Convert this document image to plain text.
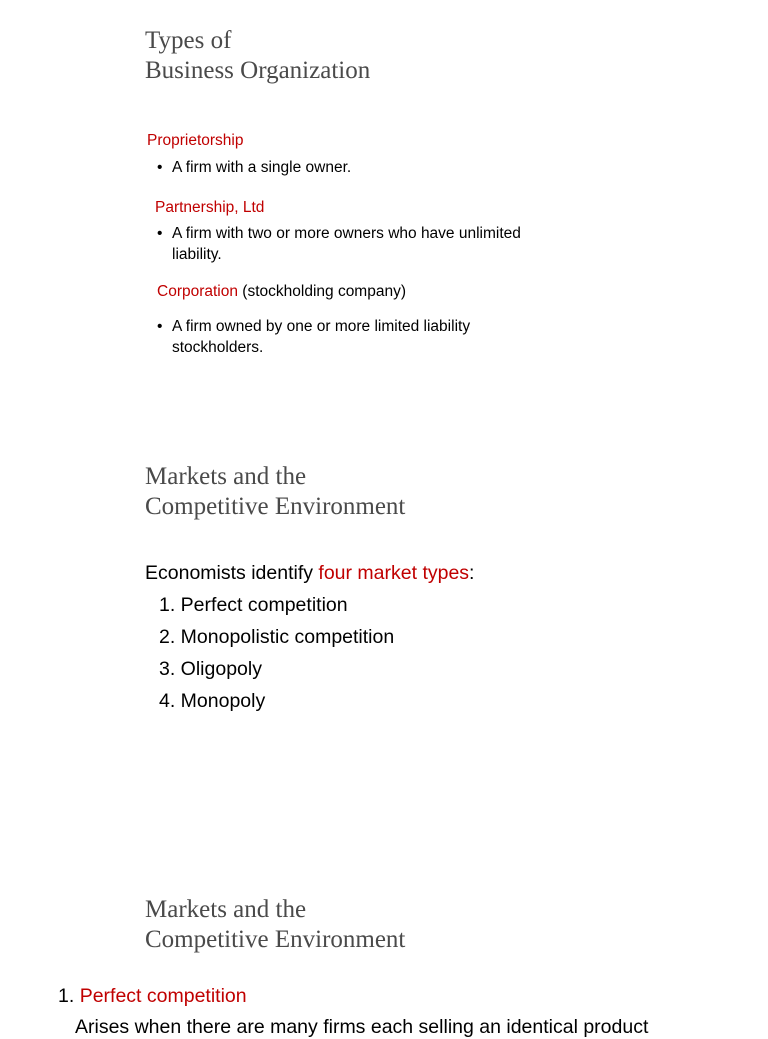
Types of
Business Organization
Proprietorship
• A firm with a single owner.
Partnership, Ltd
• A firm with two or more owners who have unlimited
liability.
Corporation (stockholding company)
• A firm owned by one or more limited liability
stockholders.
Markets and the
Competitive Environment
Economists identify four market types:
1. Perfect competition
2. Monopolistic competition
3. Oligopoly
4. Monopoly
Markets and the
Competitive Environment
1. Perfect competition
Arises when there are many firms each selling an identical product
